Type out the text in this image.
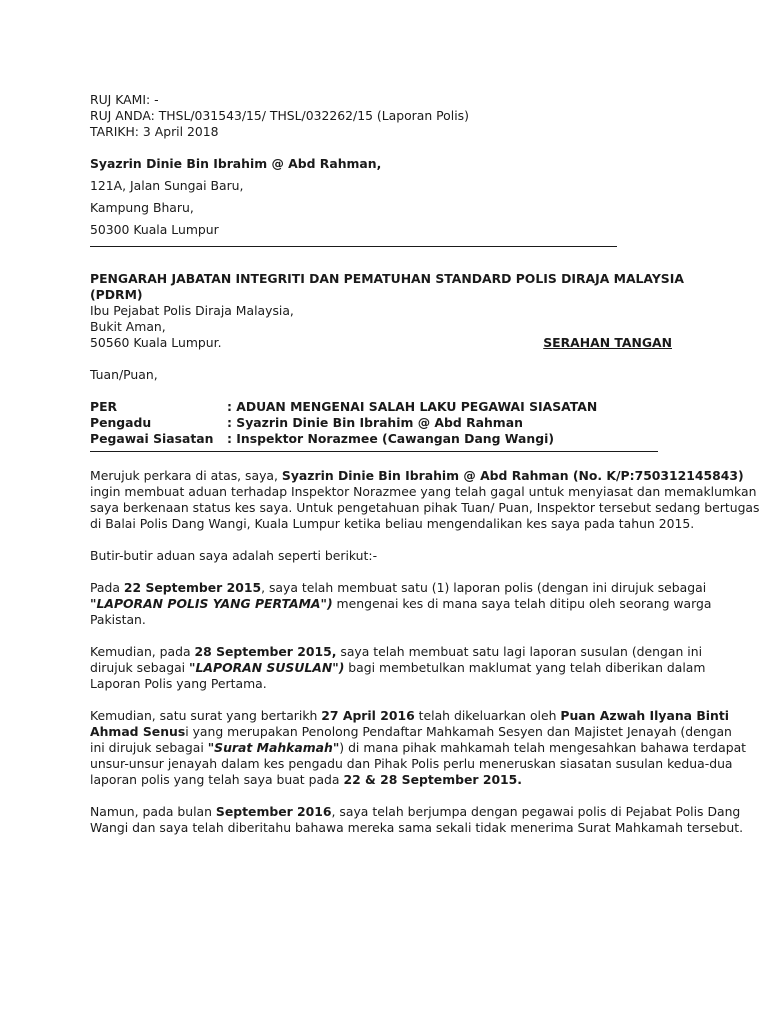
RUJ KAMI: -

RUJ ANDA: THSL/031543/15/ THSL/032262/15 (Laporan Polis)

TARIKH: 3 April 2018

Syazrin Dinie Bin Ibrahim @ Abd Rahman,

121A, Jalan Sungai Baru,

Kampung Bharu,

50300 Kuala Lumpur

PENGARAH JABATAN INTEGRITI DAN PEMATUHAN STANDARD POLIS DIRAJA MALAYSIA

(PDRM)

Ibu Pejabat Polis Diraja Malaysia,

Bukit Aman,

50560 Kuala Lumpur.	SERAHAN TANGAN

Tuan/Puan,

PER	: ADUAN MENGENAI SALAH LAKU PEGAWAI SIASATAN
Pengadu	: Syazrin Dinie Bin Ibrahim @ Abd Rahman
Pegawai Siasatan	: Inspektor Norazmee (Cawangan Dang Wangi)

Merujuk perkara di atas, saya, Syazrin Dinie Bin Ibrahim @ Abd Rahman (No. K/P:750312145843)

ingin membuat aduan terhadap Inspektor Norazmee yang telah gagal untuk menyiasat dan memaklumkan

saya berkenaan status kes saya. Untuk pengetahuan pihak Tuan/ Puan, Inspektor tersebut sedang bertugas

di Balai Polis Dang Wangi, Kuala Lumpur ketika beliau mengendalikan kes saya pada tahun 2015.

Butir-butir aduan saya adalah seperti berikut:-

Pada 22 September 2015, saya telah membuat satu (1) laporan polis (dengan ini dirujuk sebagai

"LAPORAN POLIS YANG PERTAMA") mengenai kes di mana saya telah ditipu oleh seorang warga

Pakistan.

Kemudian, pada 28 September 2015, saya telah membuat satu lagi laporan susulan (dengan ini

dirujuk sebagai "LAPORAN SUSULAN") bagi membetulkan maklumat yang telah diberikan dalam

Laporan Polis yang Pertama.

Kemudian, satu surat yang bertarikh 27 April 2016 telah dikeluarkan oleh Puan Azwah Ilyana Binti

Ahmad Senusi yang merupakan Penolong Pendaftar Mahkamah Sesyen dan Majistet Jenayah (dengan

ini dirujuk sebagai "Surat Mahkamah") di mana pihak mahkamah telah mengesahkan bahawa terdapat

unsur-unsur jenayah dalam kes pengadu dan Pihak Polis perlu meneruskan siasatan susulan kedua-dua

laporan polis yang telah saya buat pada 22 & 28 September 2015.

Namun, pada bulan September 2016, saya telah berjumpa dengan pegawai polis di Pejabat Polis Dang

Wangi dan saya telah diberitahu bahawa mereka sama sekali tidak menerima Surat Mahkamah tersebut.
